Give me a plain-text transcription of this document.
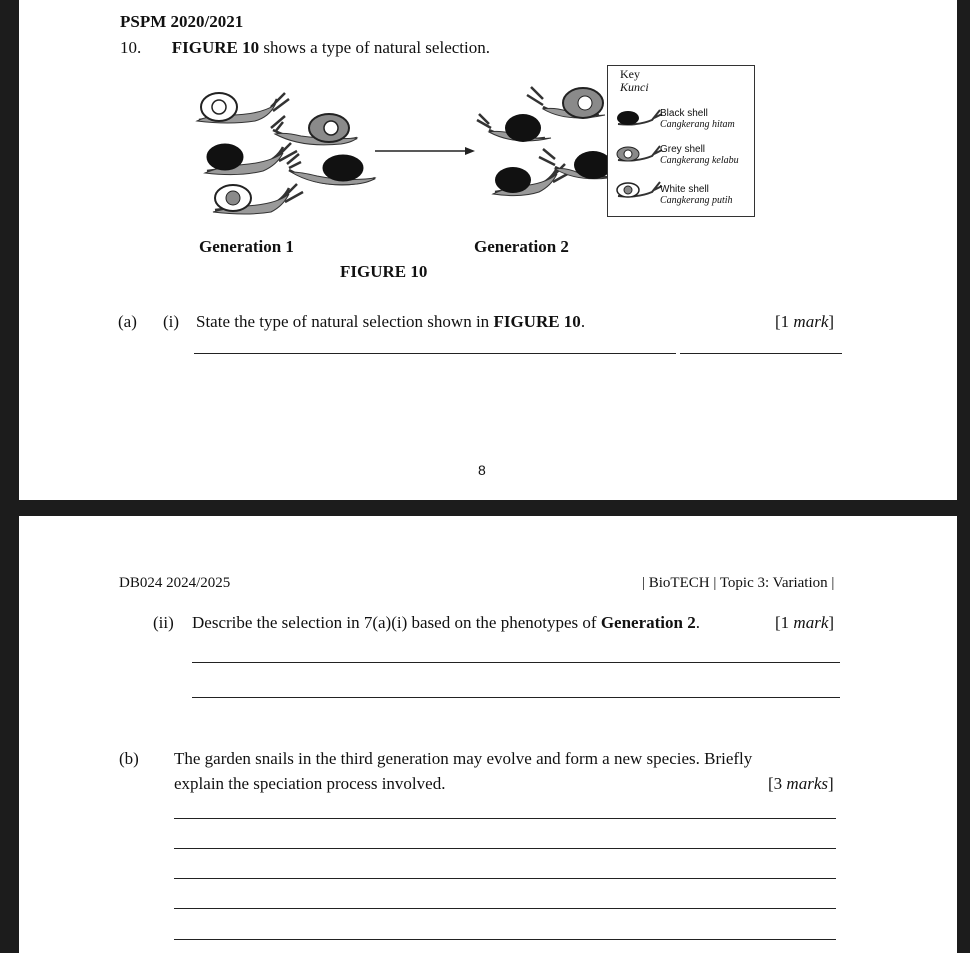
PSPM 2020/2021
10. FIGURE 10 shows a type of natural selection.
Key
Kunci
Black shell
Cangkerang hitam
Grey shell
Cangkerang kelabu
White shell
Cangkerang putih
Generation 1	Generation 2
FIGURE 10
(a) (i) State the type of natural selection shown in FIGURE 10.	[1 mark]
8
DB024 2024/2025	| BioTECH | Topic 3: Variation |
(ii) Describe the selection in 7(a)(i) based on the phenotypes of Generation 2.	[1 mark]
(b) The garden snails in the third generation may evolve and form a new species. Briefly
explain the speciation process involved.	[3 marks]
